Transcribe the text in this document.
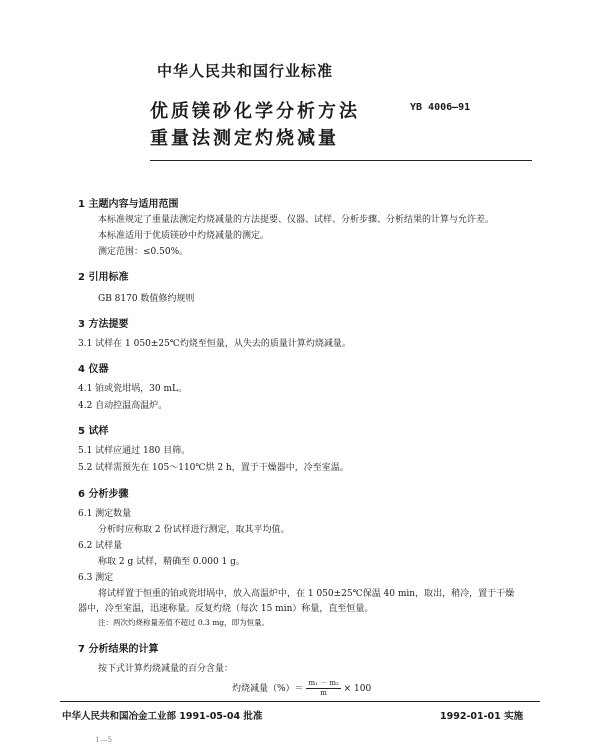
中华人民共和国行业标准
优质镁砂化学分析方法
重量法测定灼烧减量
YB 4006—91
1 主题内容与适用范围
本标准规定了重量法测定灼烧减量的方法提要、仪器、试样、分析步骤、分析结果的计算与允许差。
本标准适用于优质镁砂中灼烧减量的测定。
测定范围：≤0.50%。
2 引用标准
GB 8170 数值修约规则
3 方法提要
3.1 试样在 1 050±25℃灼烧至恒量，从失去的质量计算灼烧减量。
4 仪器
4.1 铂或瓷坩埚，30 mL。
4.2 自动控温高温炉。
5 试样
5.1 试样应通过 180 目筛。
5.2 试样需预先在 105～110℃烘 2 h，置于干燥器中，冷至室温。
6 分析步骤
6.1 测定数量
分析时应称取 2 份试样进行测定，取其平均值。
6.2 试样量
称取 2 g 试样，精确至 0.000 1 g。
6.3 测定
将试样置于恒重的铂或瓷坩埚中，放入高温炉中，在 1 050±25℃保温 40 min，取出，稍冷，置于干燥
器中，冷至室温，迅速称量。反复灼烧（每次 15 min）称量，直至恒量。
注：两次灼烧称量差值不超过 0.3 mg，即为恒量。
7 分析结果的计算
按下式计算灼烧减量的百分含量：
灼烧减量（%）＝ $\frac{\text{m₁ － m₂}}{m} \times 100$
中华人民共和国冶金工业部 1991-05-04 批准	1992-01-01 实施
1—5
